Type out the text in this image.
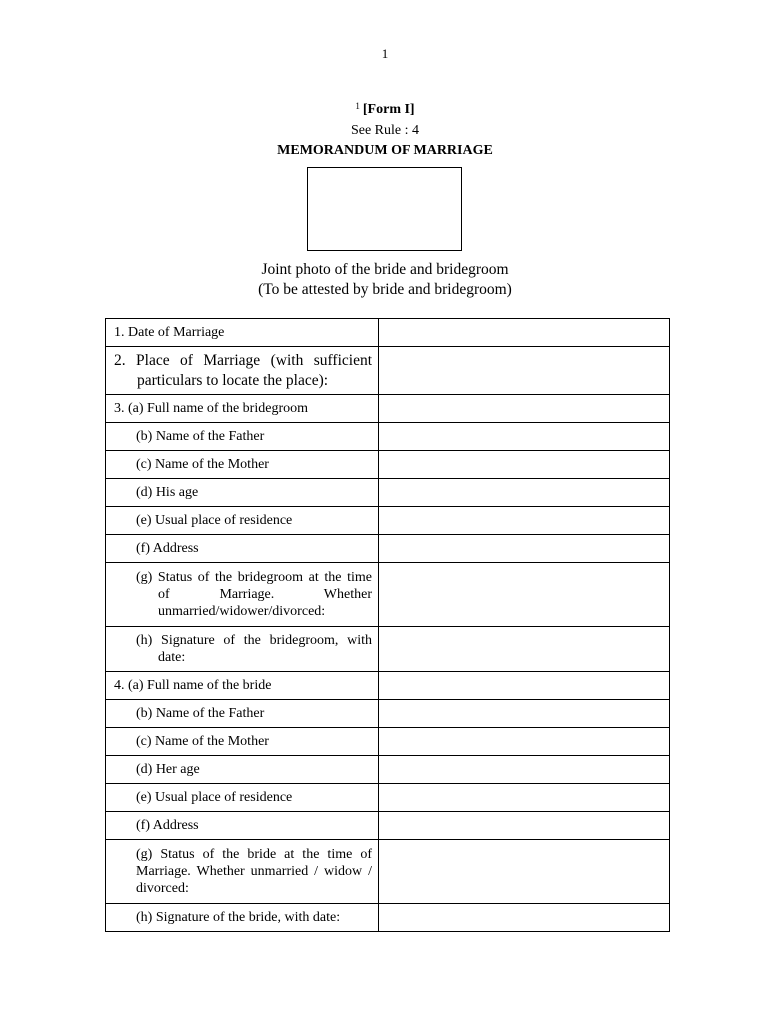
1
$^1$ [Form I]
See Rule : 4
MEMORANDUM OF MARRIAGE
Joint photo of the bride and bridegroom
(To be attested by bride and bridegroom)
1. Date of Marriage	

2. Place of Marriage (with sufficient particulars to locate the place):	

3. (a) Full name of the bridegroom	

(b) Name of the Father	

(c) Name of the Mother	

(d) His age	

(e) Usual place of residence	

(f) Address	

(g) Status of the bridegroom at the time of Marriage. Whether unmarried/widower/divorced:	

(h) Signature of the bridegroom, with date:	

4. (a) Full name of the bride	

(b) Name of the Father	

(c) Name of the Mother	

(d) Her age	

(e) Usual place of residence	

(f) Address	

(g) Status of the bride at the time of Marriage. Whether unmarried / widow / divorced:	

(h) Signature of the bride, with date:	
